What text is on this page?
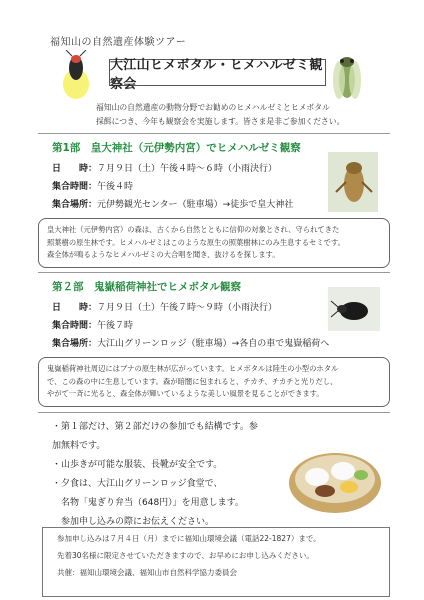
福知山の自然遺産体験ツアー
大江山ヒメボタル・ヒメハルゼミ観察会
福知山の自然遺産の動物分野でお勧めのヒメハルゼミとヒメボタル
採餌につき、今年も観察会を実施します。皆さま是非ご参加ください。
第1部　皇大神社（元伊勢内宮）でヒメハルゼミ観察
日　　時：７月９日（土）午後４時～６時（小雨決行）
集合時間：午後４時
集合場所：元伊勢観光センター（駐車場）→徒歩で皇大神社
皇大神社（元伊勢内宮）の森は、古くから自然とともに信仰の対象とされ、守られてきた
照葉樹の原生林です。ヒメハルゼミはこのような原生の照葉樹林にのみ生息するセミです。
森全体が鳴るようなヒメハルゼミの大合唱を聞き、抜けるを探します。
第２部　鬼嶽稲荷神社でヒメボタル観察
日　　時：７月９日（土）午後７時～９時（小雨決行）
集合時間：午後７時
集合場所：大江山グリーンロッジ（駐車場）→各自の車で鬼嶽稲荷へ
鬼嶽稲荷神社周辺にはブナの原生林が広がっています。ヒメボタルは陸生の小型のホタル
で、この森の中に生息しています。森が暗闇に包まれると、チカチ、チカチと光りだし、
やがて一斉に光ると、森全体が輝いているような美しい風景を見ることができます。
・第１部だけ、第２部だけの参加でも結構です。参加無料です。
・山歩きが可能な服装、長靴が安全です。
・夕食は、大江山グリーンロッジ食堂で、
　名物「鬼ぎり弁当（648円）」を用意します。
　参加申し込みの際にお伝えください。
参加申し込みは７月４日（月）までに福知山環境会議（電話22-1827）まで。
先着30名様に限定させていただきますので、お早めにお申し込みください。
共催：福知山環境会議、福知山市自然科学協力委員会
